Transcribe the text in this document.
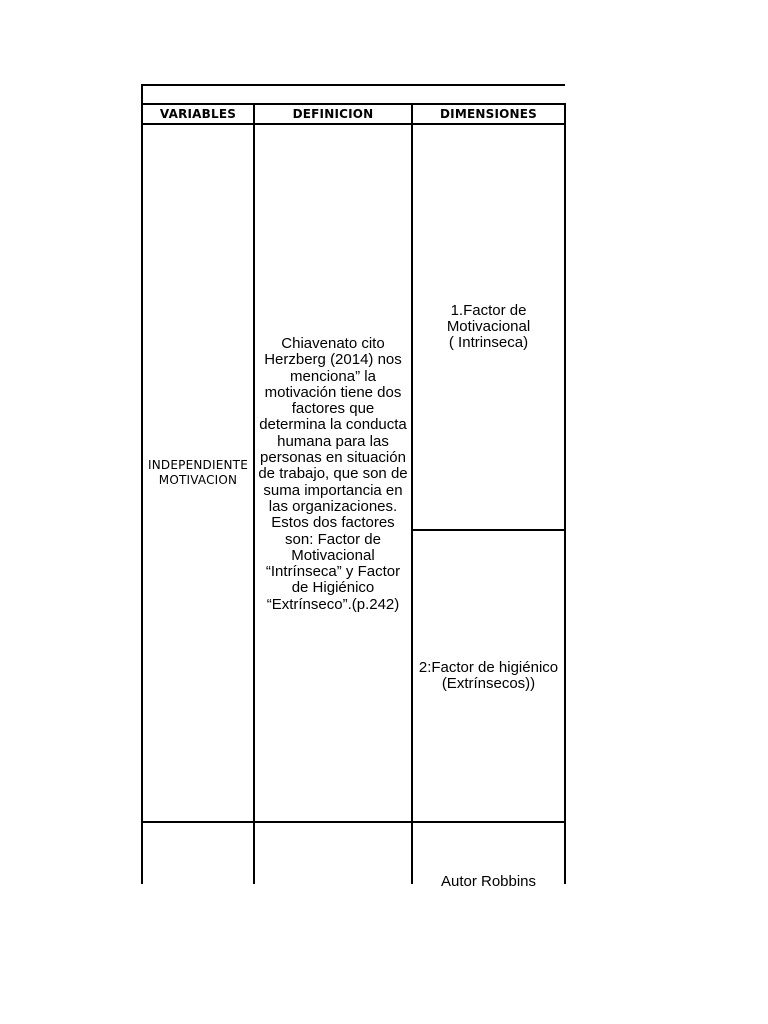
VARIABLES	DEFINICION	DIMENSIONES
INDEPENDIENTE
MOTIVACION
Chiavenato cito
Herzberg (2014) nos
menciona” la
motivación tiene dos
factores que
determina la conducta
humana para las
personas en situación
de trabajo, que son de
suma importancia en
las organizaciones.
Estos dos factores
son: Factor de
Motivacional
“Intrínseca” y Factor
de Higiénico
“Extrínseco”.(p.242)
1.Factor de
Motivacional
( Intrinseca)
2:Factor de higiénico
(Extrínsecos))
Autor Robbins
